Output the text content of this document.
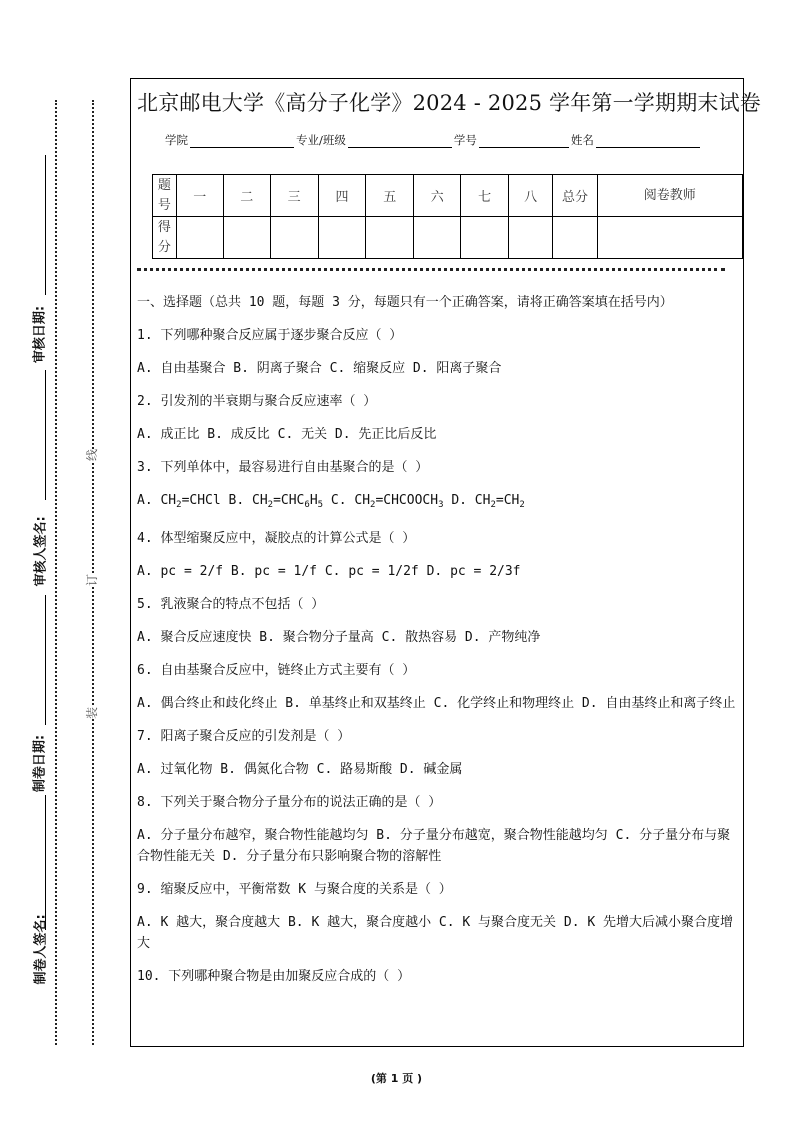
审核日期:
审核人签名:
制卷日期:
制卷人签名:
线
订
装
北京邮电大学《高分子化学》2024 - 2025 学年第一学期期末试卷
学院	专业/班级	学号	姓名
题号	一	二	三	四	五	六	七	八	总分	阅卷教师
得分										

一、选择题（总共 10 题，每题 3 分，每题只有一个正确答案，请将正确答案填在括号内）

1. 下列哪种聚合反应属于逐步聚合反应（ ）

A. 自由基聚合 B. 阴离子聚合 C. 缩聚反应 D. 阳离子聚合

2. 引发剂的半衰期与聚合反应速率（ ）

A. 成正比 B. 成反比 C. 无关 D. 先正比后反比

3. 下列单体中，最容易进行自由基聚合的是（ ）

A. $CH_2=CHCl$ B. $CH_2=CHC_6H_5$ C. $CH_2=CHCOOCH_3$ D. $CH_2=CH_2$

4. 体型缩聚反应中，凝胶点的计算公式是（ ）

A. pc = 2/f B. pc = 1/f C. pc = 1/2f D. pc = 2/3f

5. 乳液聚合的特点不包括（ ）

A. 聚合反应速度快 B. 聚合物分子量高 C. 散热容易 D. 产物纯净

6. 自由基聚合反应中，链终止方式主要有（ ）

A. 偶合终止和歧化终止 B. 单基终止和双基终止 C. 化学终止和物理终止 D. 自由基终止和离子终止

7. 阳离子聚合反应的引发剂是（ ）

A. 过氧化物 B. 偶氮化合物 C. 路易斯酸 D. 碱金属

8. 下列关于聚合物分子量分布的说法正确的是（ ）

A. 分子量分布越窄，聚合物性能越均匀 B. 分子量分布越宽，聚合物性能越均匀 C. 分子量分布与聚合物性能无关 D. 分子量分布只影响聚合物的溶解性

9. 缩聚反应中，平衡常数 K 与聚合度的关系是（ ）

A. K 越大，聚合度越大 B. K 越大，聚合度越小 C. K 与聚合度无关 D. K 先增大后减小聚合度增大

10. 下列哪种聚合物是由加聚反应合成的（ ）

(第 1 页 )
